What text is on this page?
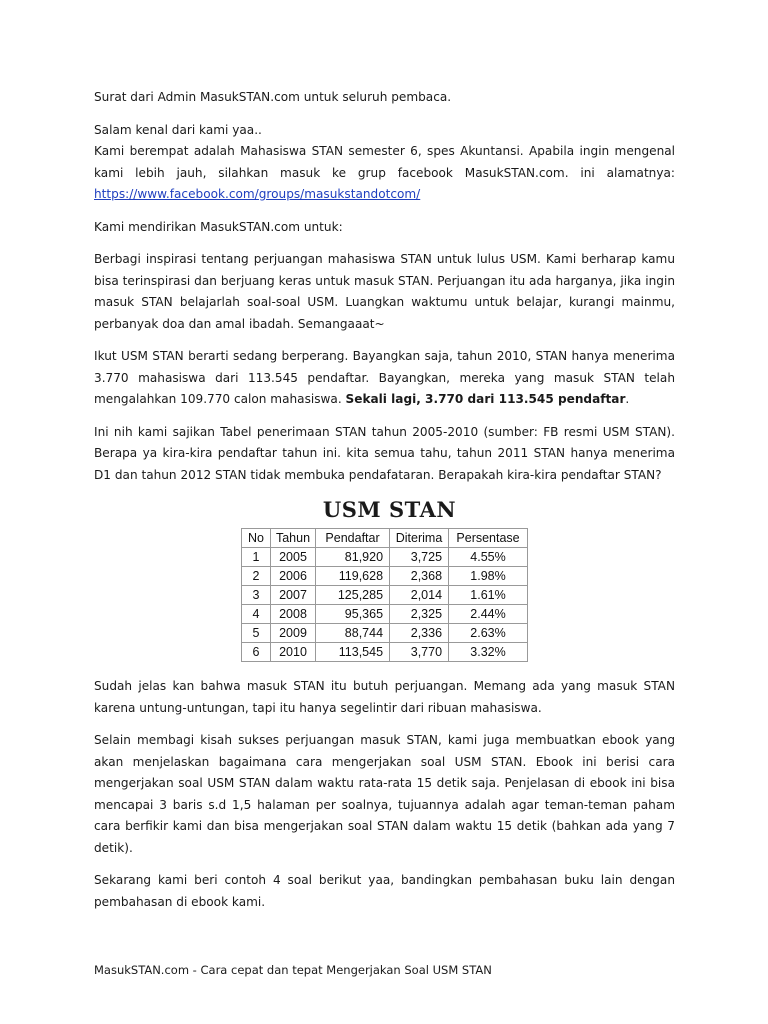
Surat dari Admin MasukSTAN.com untuk seluruh pembaca.

Salam kenal dari kami yaa..

Kami berempat adalah Mahasiswa STAN semester 6, spes Akuntansi. Apabila ingin mengenal kami lebih jauh, silahkan masuk ke grup facebook MasukSTAN.com. ini alamatnya: https://www.facebook.com/groups/masukstandotcom/

Kami mendirikan MasukSTAN.com untuk:

Berbagi inspirasi tentang perjuangan mahasiswa STAN untuk lulus USM. Kami berharap kamu bisa terinspirasi dan berjuang keras untuk masuk STAN. Perjuangan itu ada harganya, jika ingin masuk STAN belajarlah soal-soal USM. Luangkan waktumu untuk belajar, kurangi mainmu, perbanyak doa dan amal ibadah. Semangaaat~

Ikut USM STAN berarti sedang berperang. Bayangkan saja, tahun 2010, STAN hanya menerima 3.770 mahasiswa dari 113.545 pendaftar. Bayangkan, mereka yang masuk STAN telah mengalahkan 109.770 calon mahasiswa. Sekali lagi, 3.770 dari 113.545 pendaftar.

Ini nih kami sajikan Tabel penerimaan STAN tahun 2005-2010 (sumber: FB resmi USM STAN). Berapa ya kira-kira pendaftar tahun ini. kita semua tahu, tahun 2011 STAN hanya menerima D1 dan tahun 2012 STAN tidak membuka pendafataran. Berapakah kira-kira pendaftar STAN?

USM STAN
No	Tahun	Pendaftar	Diterima	Persentase
1	2005	81,920	3,725	4.55%
2	2006	119,628	2,368	1.98%
3	2007	125,285	2,014	1.61%
4	2008	95,365	2,325	2.44%
5	2009	88,744	2,336	2.63%
6	2010	113,545	3,770	3.32%

Sudah jelas kan bahwa masuk STAN itu butuh perjuangan. Memang ada yang masuk STAN karena untung-untungan, tapi itu hanya segelintir dari ribuan mahasiswa.

Selain membagi kisah sukses perjuangan masuk STAN, kami juga membuatkan ebook yang akan menjelaskan bagaimana cara mengerjakan soal USM STAN. Ebook ini berisi cara mengerjakan soal USM STAN dalam waktu rata-rata 15 detik saja. Penjelasan di ebook ini bisa mencapai 3 baris s.d 1,5 halaman per soalnya, tujuannya adalah agar teman-teman paham cara berfikir kami dan bisa mengerjakan soal STAN dalam waktu 15 detik (bahkan ada yang 7 detik).

Sekarang kami beri contoh 4 soal berikut yaa, bandingkan pembahasan buku lain dengan pembahasan di ebook kami.

MasukSTAN.com - Cara cepat dan tepat Mengerjakan Soal USM STAN
